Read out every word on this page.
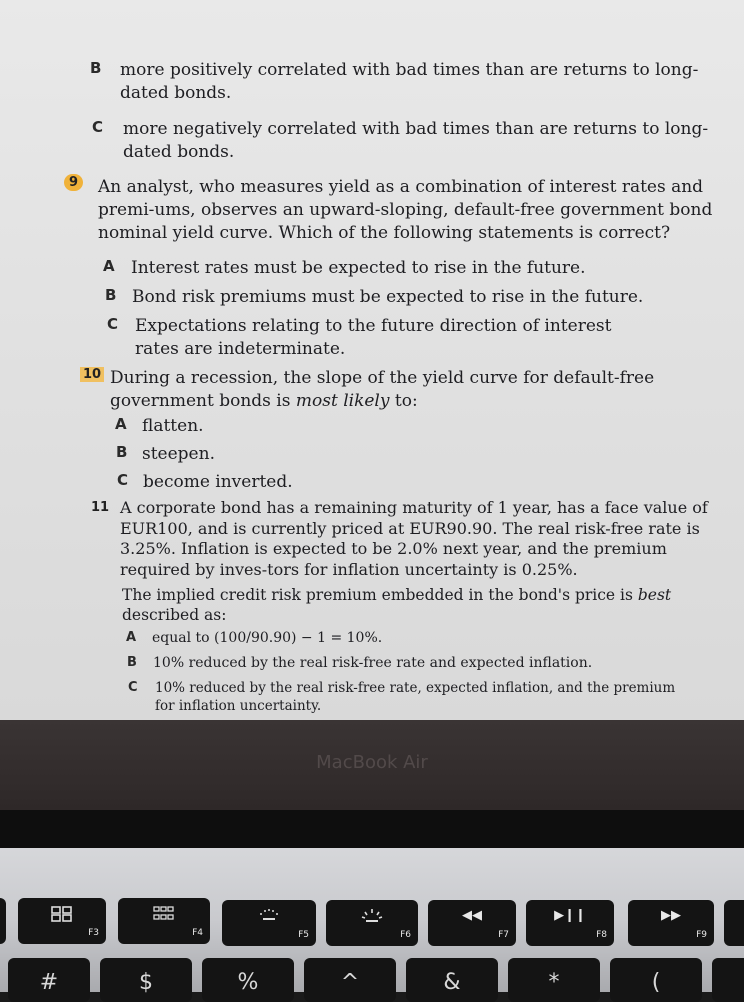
B more positively correlated with bad times than are returns to long-dated bonds.
C more negatively correlated with bad times than are returns to long-dated bonds.
9 An analyst, who measures yield as a combination of interest rates and premi-ums, observes an upward-sloping, default-free government bond nominal yield curve. Which of the following statements is correct?
A Interest rates must be expected to rise in the future.
B Bond risk premiums must be expected to rise in the future.
C Expectations relating to the future direction of interest rates are indeterminate.
10 During a recession, the slope of the yield curve for default-free government bonds is most likely to:
A flatten.
B steepen.
C become inverted.
11 A corporate bond has a remaining maturity of 1 year, has a face value of EUR100, and is currently priced at EUR90.90. The real risk-free rate is 3.25%. Inflation is expected to be 2.0% next year, and the premium required by inves-tors for inflation uncertainty is 0.25%.
The implied credit risk premium embedded in the bond's price is best described as:
A equal to (100/90.90) − 1 = 10%.
B 10% reduced by the real risk-free rate and expected inflation.
C 10% reduced by the real risk-free rate, expected inflation, and the premium for inflation uncertainty.
MacBook Air
F3	F4	F5	F6
◀◀
F7
▶❙❙
F8
▶▶
F9
#	$	%	^	&	*	(
